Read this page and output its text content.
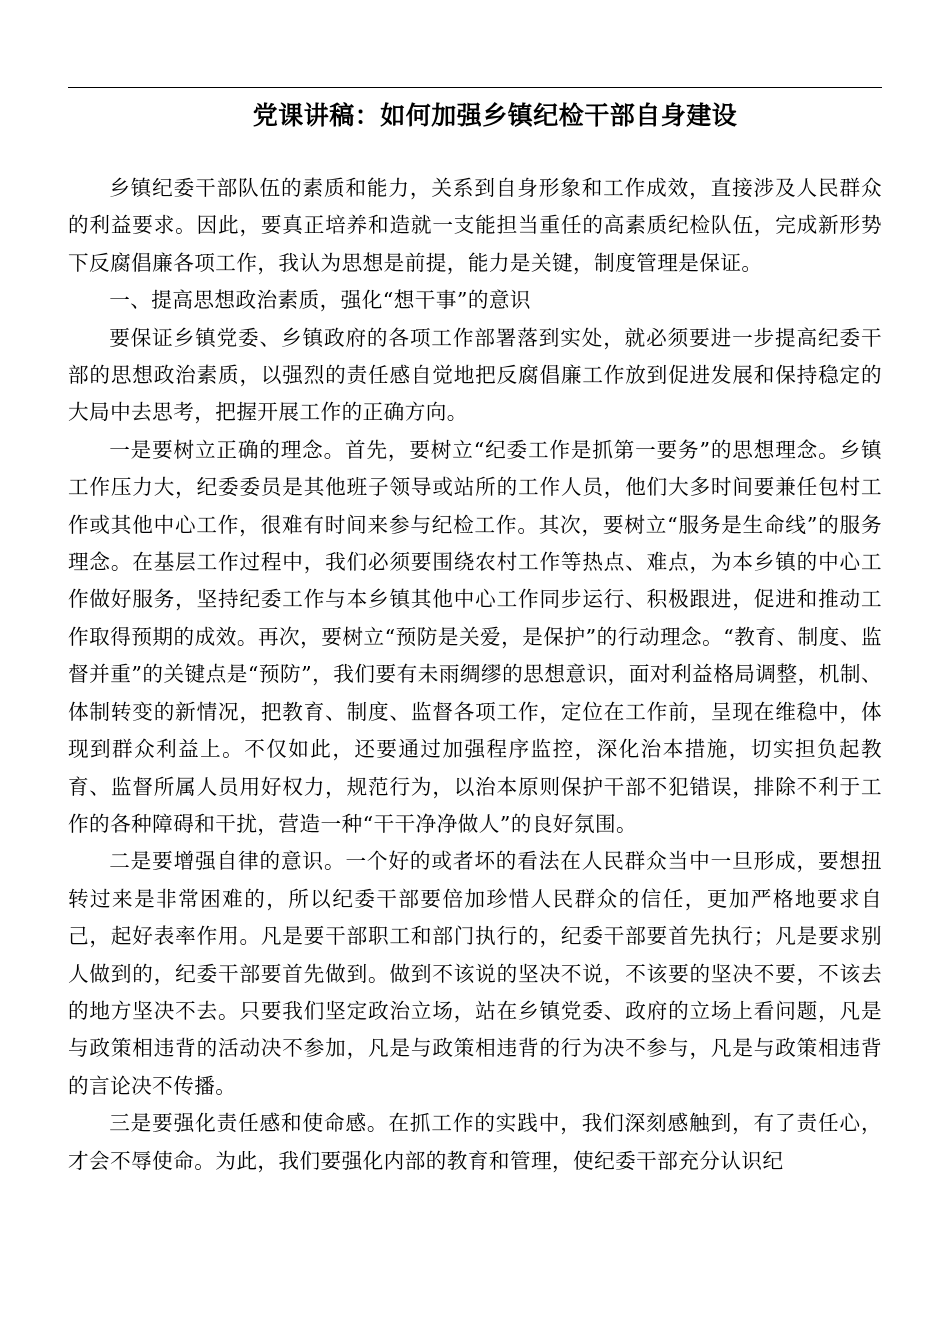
党课讲稿：如何加强乡镇纪检干部自身建设

乡镇纪委干部队伍的素质和能力，关系到自身形象和工作成效，直接涉及人民群众的利益要求。因此，要真正培养和造就一支能担当重任的高素质纪检队伍，完成新形势下反腐倡廉各项工作，我认为思想是前提，能力是关键，制度管理是保证。

一、提高思想政治素质，强化“想干事”的意识

要保证乡镇党委、乡镇政府的各项工作部署落到实处，就必须要进一步提高纪委干部的思想政治素质，以强烈的责任感自觉地把反腐倡廉工作放到促进发展和保持稳定的大局中去思考，把握开展工作的正确方向。

一是要树立正确的理念。首先，要树立“纪委工作是抓第一要务”的思想理念。乡镇工作压力大，纪委委员是其他班子领导或站所的工作人员，他们大多时间要兼任包村工作或其他中心工作，很难有时间来参与纪检工作。其次，要树立“服务是生命线”的服务理念。在基层工作过程中，我们必须要围绕农村工作等热点、难点，为本乡镇的中心工作做好服务，坚持纪委工作与本乡镇其他中心工作同步运行、积极跟进，促进和推动工作取得预期的成效。再次，要树立“预防是关爱，是保护”的行动理念。“教育、制度、监督并重”的关键点是“预防”，我们要有未雨绸缪的思想意识，面对利益格局调整，机制、体制转变的新情况，把教育、制度、监督各项工作，定位在工作前，呈现在维稳中，体现到群众利益上。不仅如此，还要通过加强程序监控，深化治本措施，切实担负起教育、监督所属人员用好权力，规范行为，以治本原则保护干部不犯错误，排除不利于工作的各种障碍和干扰，营造一种“干干净净做人”的良好氛围。

二是要增强自律的意识。一个好的或者坏的看法在人民群众当中一旦形成，要想扭转过来是非常困难的，所以纪委干部要倍加珍惜人民群众的信任，更加严格地要求自己，起好表率作用。凡是要干部职工和部门执行的，纪委干部要首先执行；凡是要求别人做到的，纪委干部要首先做到。做到不该说的坚决不说，不该要的坚决不要，不该去的地方坚决不去。只要我们坚定政治立场，站在乡镇党委、政府的立场上看问题，凡是与政策相违背的活动决不参加，凡是与政策相违背的行为决不参与，凡是与政策相违背的言论决不传播。

三是要强化责任感和使命感。在抓工作的实践中，我们深刻感触到，有了责任心，才会不辱使命。为此，我们要强化内部的教育和管理，使纪委干部充分认识纪
